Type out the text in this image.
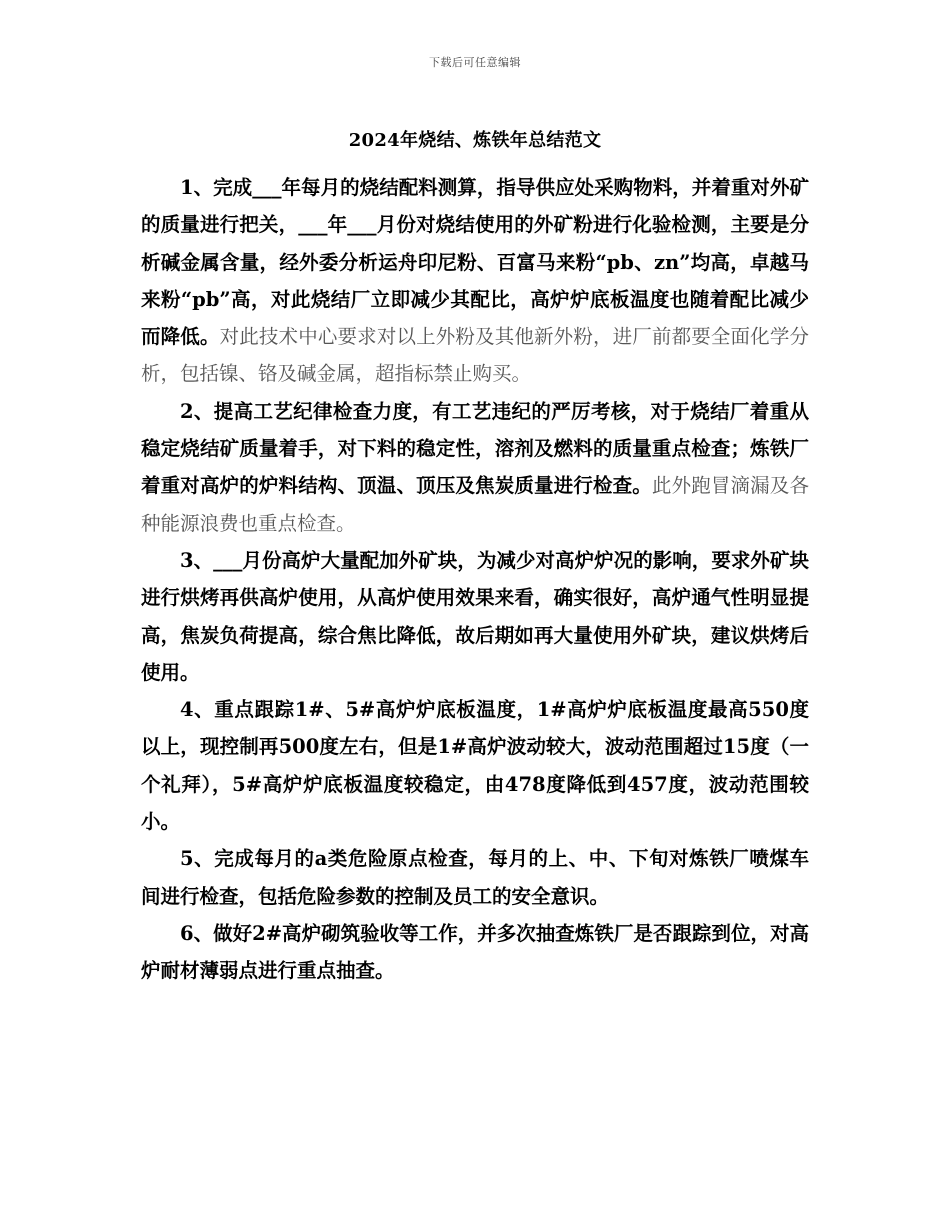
下载后可任意编辑
2024年烧结、炼铁年总结范文

1、完成___年每月的烧结配料测算，指导供应处采购物料，并着重对外矿的质量进行把关，___年___月份对烧结使用的外矿粉进行化验检测，主要是分析碱金属含量，经外委分析运舟印尼粉、百富马来粉“pb、zn”均高，卓越马来粉“pb”高，对此烧结厂立即减少其配比，高炉炉底板温度也随着配比减少而降低。对此技术中心要求对以上外粉及其他新外粉，进厂前都要全面化学分析，包括镍、铬及碱金属，超指标禁止购买。

2、提高工艺纪律检查力度，有工艺违纪的严厉考核，对于烧结厂着重从稳定烧结矿质量着手，对下料的稳定性，溶剂及燃料的质量重点检查；炼铁厂着重对高炉的炉料结构、顶温、顶压及焦炭质量进行检查。此外跑冒滴漏及各种能源浪费也重点检查。

3、___月份高炉大量配加外矿块，为减少对高炉炉况的影响，要求外矿块进行烘烤再供高炉使用，从高炉使用效果来看，确实很好，高炉通气性明显提高，焦炭负荷提高，综合焦比降低，故后期如再大量使用外矿块，建议烘烤后使用。

4、重点跟踪1#、5#高炉炉底板温度，1#高炉炉底板温度最高550度以上，现控制再500度左右，但是1#高炉波动较大，波动范围超过15度（一个礼拜），5#高炉炉底板温度较稳定，由478度降低到457度，波动范围较小。

5、完成每月的a类危险原点检查，每月的上、中、下旬对炼铁厂喷煤车间进行检查，包括危险参数的控制及员工的安全意识。

6、做好2#高炉砌筑验收等工作，并多次抽查炼铁厂是否跟踪到位，对高炉耐材薄弱点进行重点抽查。
